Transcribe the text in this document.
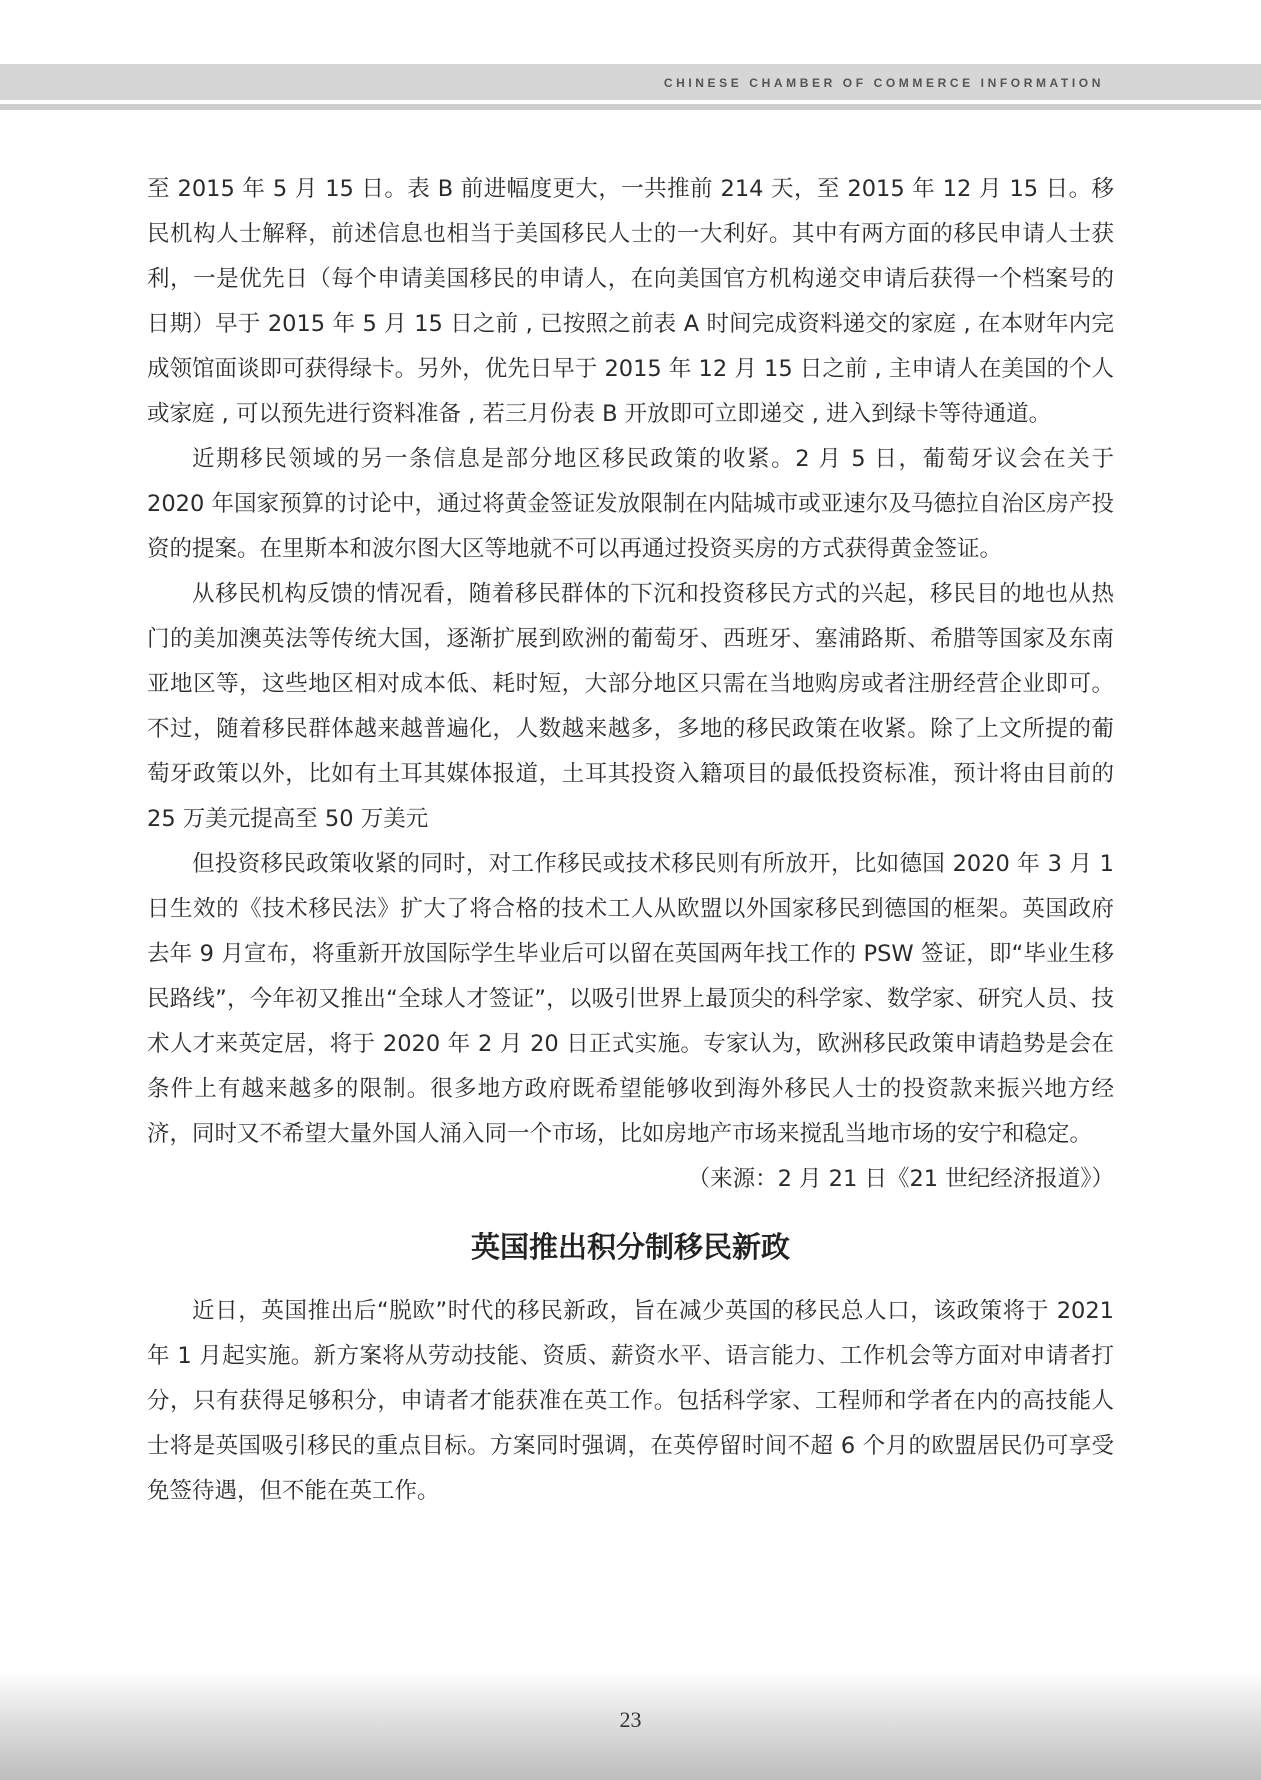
CHINESE CHAMBER OF COMMERCE INFORMATION

至 2015 年 5 月 15 日。表 B 前进幅度更大，一共推前 214 天，至 2015 年 12 月 15 日。移民机构人士解释，前述信息也相当于美国移民人士的一大利好。其中有两方面的移民申请人士获利，一是优先日（每个申请美国移民的申请人，在向美国官方机构递交申请后获得一个档案号的日期）早于 2015 年 5 月 15 日之前 , 已按照之前表 A 时间完成资料递交的家庭 , 在本财年内完成领馆面谈即可获得绿卡。另外，优先日早于 2015 年 12 月 15 日之前 , 主申请人在美国的个人或家庭 , 可以预先进行资料准备 , 若三月份表 B 开放即可立即递交 , 进入到绿卡等待通道。

近期移民领域的另一条信息是部分地区移民政策的收紧。2 月 5 日，葡萄牙议会在关于 2020 年国家预算的讨论中，通过将黄金签证发放限制在内陆城市或亚速尔及马德拉自治区房产投资的提案。在里斯本和波尔图大区等地就不可以再通过投资买房的方式获得黄金签证。

从移民机构反馈的情况看，随着移民群体的下沉和投资移民方式的兴起，移民目的地也从热门的美加澳英法等传统大国，逐渐扩展到欧洲的葡萄牙、西班牙、塞浦路斯、希腊等国家及东南亚地区等，这些地区相对成本低、耗时短，大部分地区只需在当地购房或者注册经营企业即可。不过，随着移民群体越来越普遍化，人数越来越多，多地的移民政策在收紧。除了上文所提的葡萄牙政策以外，比如有土耳其媒体报道，土耳其投资入籍项目的最低投资标准，预计将由目前的 25 万美元提高至 50 万美元

但投资移民政策收紧的同时，对工作移民或技术移民则有所放开，比如德国 2020 年 3 月 1 日生效的《技术移民法》扩大了将合格的技术工人从欧盟以外国家移民到德国的框架。英国政府去年 9 月宣布，将重新开放国际学生毕业后可以留在英国两年找工作的 PSW 签证，即“毕业生移民路线”，今年初又推出“全球人才签证”，以吸引世界上最顶尖的科学家、数学家、研究人员、技术人才来英定居，将于 2020 年 2 月 20 日正式实施。专家认为，欧洲移民政策申请趋势是会在条件上有越来越多的限制。很多地方政府既希望能够收到海外移民人士的投资款来振兴地方经济，同时又不希望大量外国人涌入同一个市场，比如房地产市场来搅乱当地市场的安宁和稳定。
（来源：2 月 21 日《21 世纪经济报道》）

英国推出积分制移民新政

近日，英国推出后“脱欧”时代的移民新政，旨在减少英国的移民总人口，该政策将于 2021 年 1 月起实施。新方案将从劳动技能、资质、薪资水平、语言能力、工作机会等方面对申请者打分，只有获得足够积分，申请者才能获准在英工作。包括科学家、工程师和学者在内的高技能人士将是英国吸引移民的重点目标。方案同时强调，在英停留时间不超 6 个月的欧盟居民仍可享受免签待遇，但不能在英工作。

23
